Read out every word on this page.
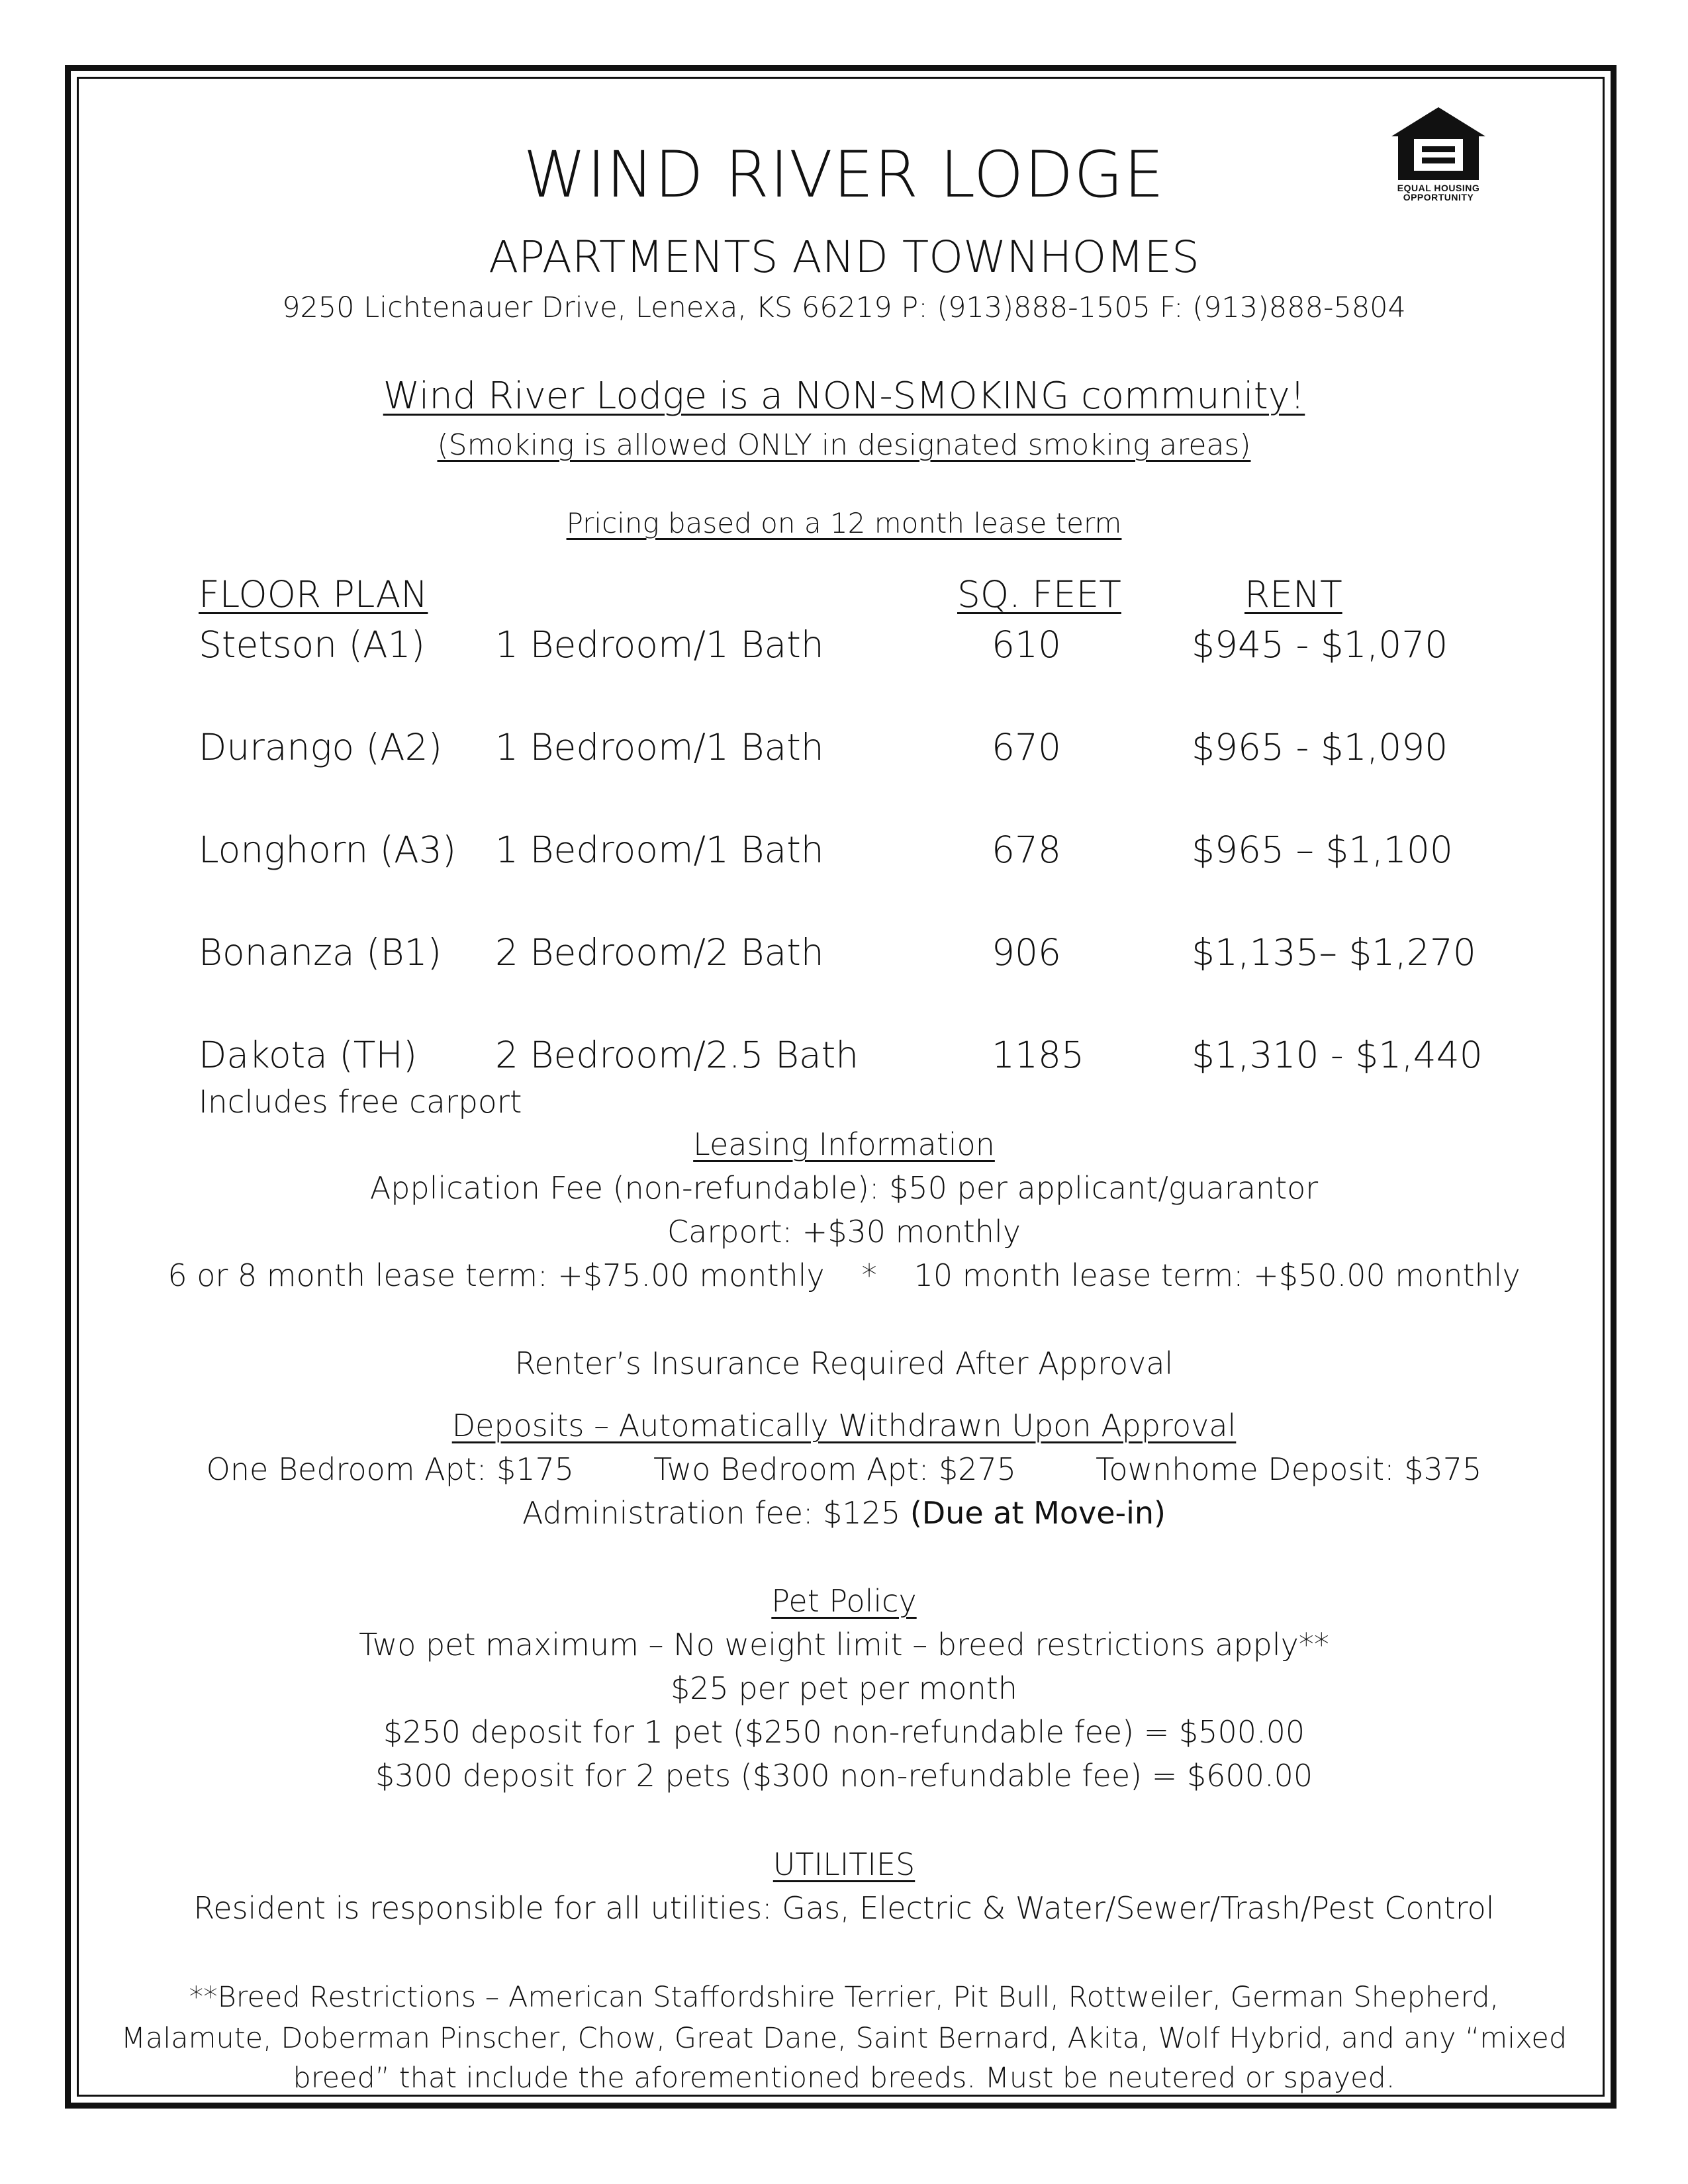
EQUAL HOUSING
OPPORTUNITY
WIND RIVER LODGE
APARTMENTS AND TOWNHOMES
9250 Lichtenauer Drive, Lenexa, KS 66219 P: (913)888-1505 F: (913)888-5804
Wind River Lodge is a NON-SMOKING community!
(Smoking is allowed ONLY in designated smoking areas)
Pricing based on a 12 month lease term
FLOOR PLAN	SQ. FEET	RENT
Stetson (A1) 1 Bedroom/1 Bath	610	$945 - $1,070
Durango (A2) 1 Bedroom/1 Bath	670	$965 - $1,090
Longhorn (A3) 1 Bedroom/1 Bath	678	$965 – $1,100
Bonanza (B1) 2 Bedroom/2 Bath	906	$1,135– $1,270
Dakota (TH) 2 Bedroom/2.5 Bath	1185	$1,310 - $1,440
Includes free carport
Leasing Information
Application Fee (non-refundable): $50 per applicant/guarantor
Carport: +$30 monthly
6 or 8 month lease term: +$75.00 monthly * 10 month lease term: +$50.00 monthly
Renter’s Insurance Required After Approval
Deposits – Automatically Withdrawn Upon Approval
One Bedroom Apt: $175	Two Bedroom Apt: $275	Townhome Deposit: $375
Administration fee: $125 (Due at Move-in)
Pet Policy
Two pet maximum – No weight limit – breed restrictions apply**
$25 per pet per month
$250 deposit for 1 pet ($250 non-refundable fee) = $500.00
$300 deposit for 2 pets ($300 non-refundable fee) = $600.00
UTILITIES
Resident is responsible for all utilities: Gas, Electric & Water/Sewer/Trash/Pest Control
**Breed Restrictions – American Staffordshire Terrier, Pit Bull, Rottweiler, German Shepherd,
Malamute, Doberman Pinscher, Chow, Great Dane, Saint Bernard, Akita, Wolf Hybrid, and any “mixed
breed” that include the aforementioned breeds. Must be neutered or spayed.
